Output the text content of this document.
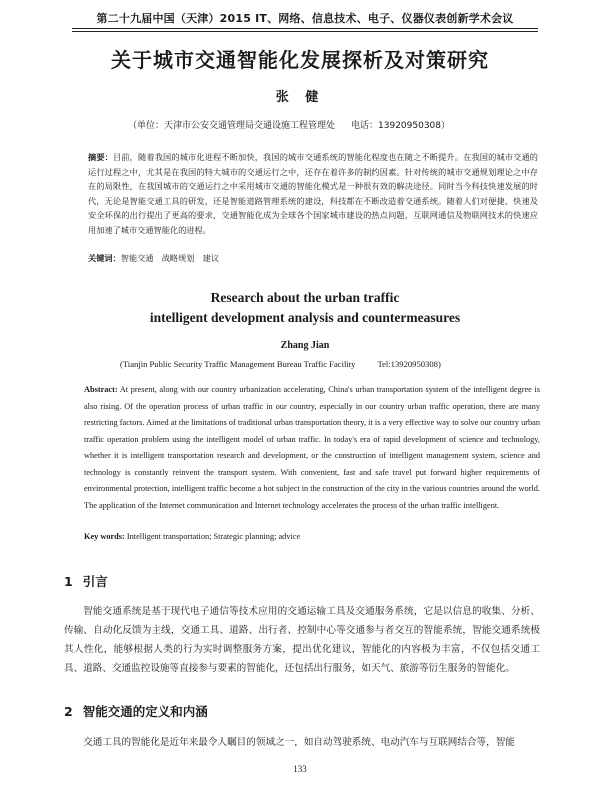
第二十九届中国（天津）2015 IT、网络、信息技术、电子、仪器仪表创新学术会议
关于城市交通智能化发展探析及对策研究
张 健
（单位：天津市公安交通管理局交通设施工程管理处 电话：13920950308）
摘要：目前，随着我国的城市化进程不断加快，我国的城市交通系统的智能化程度也在随之不断提升。在我国的城市交通的运行过程之中，尤其是在我国的特大城市的交通运行之中，还存在着许多的制约因素。针对传统的城市交通规划理论之中存在的局限性，在我国城市的交通运行之中采用城市交通的智能化模式是一种很有效的解决途径。同时当今科技快速发展的时代，无论是智能交通工具的研发，还是智能道路管理系统的建设，科技都在不断改造着交通系统。随着人们对便捷、快速及安全环保的出行提出了更高的要求，交通智能化成为全球各个国家城市建设的热点问题，互联网通信及物联网技术的快速应用加速了城市交通智能化的进程。
关键词：智能交通　战略规划　建议
Research about the urban traffic
intelligent development analysis and countermeasures
Zhang Jian
(Tianjin Public Security Traffic Management Bureau Traffic Facility	Tel:13920950308)
Abstract: At present, along with our country urbanization accelerating, China's urban transportation system of the intelligent degree is also rising. Of the operation process of urban traffic in our country, especially in our country urban traffic operation, there are many restricting factors. Aimed at the limitations of traditional urban transportation theory, it is a very effective way to solve our country urban traffic operation problem using the intelligent model of urban traffic. In today's era of rapid development of science and technology, whether it is intelligent transportation research and development, or the construction of intelligent management system, science and technology is constantly reinvent the transport system. With convenient, fast and safe travel put forward higher requirements of environmental protection, intelligent traffic become a hot subject in the construction of the city in the various countries around the world. The application of the Internet communication and Internet technology accelerates the process of the urban traffic intelligent.
Key words: Intelligent transportation; Strategic planning; advice
1 引言
智能交通系统是基于现代电子通信等技术应用的交通运输工具及交通服务系统，它是以信息的收集、分析、传输、自动化反馈为主线，交通工具、道路、出行者、控制中心等交通参与者交互的智能系统，智能交通系统极其人性化，能够根据人类的行为实时调整服务方案，提出优化建议，智能化的内容极为丰富，不仅包括交通工具、道路、交通监控设施等直接参与要素的智能化，还包括出行服务，如天气、旅游等衍生服务的智能化。
2 智能交通的定义和内涵
交通工具的智能化是近年来最令人瞩目的领域之一，如自动驾驶系统、电动汽车与互联网结合等，智能
133
